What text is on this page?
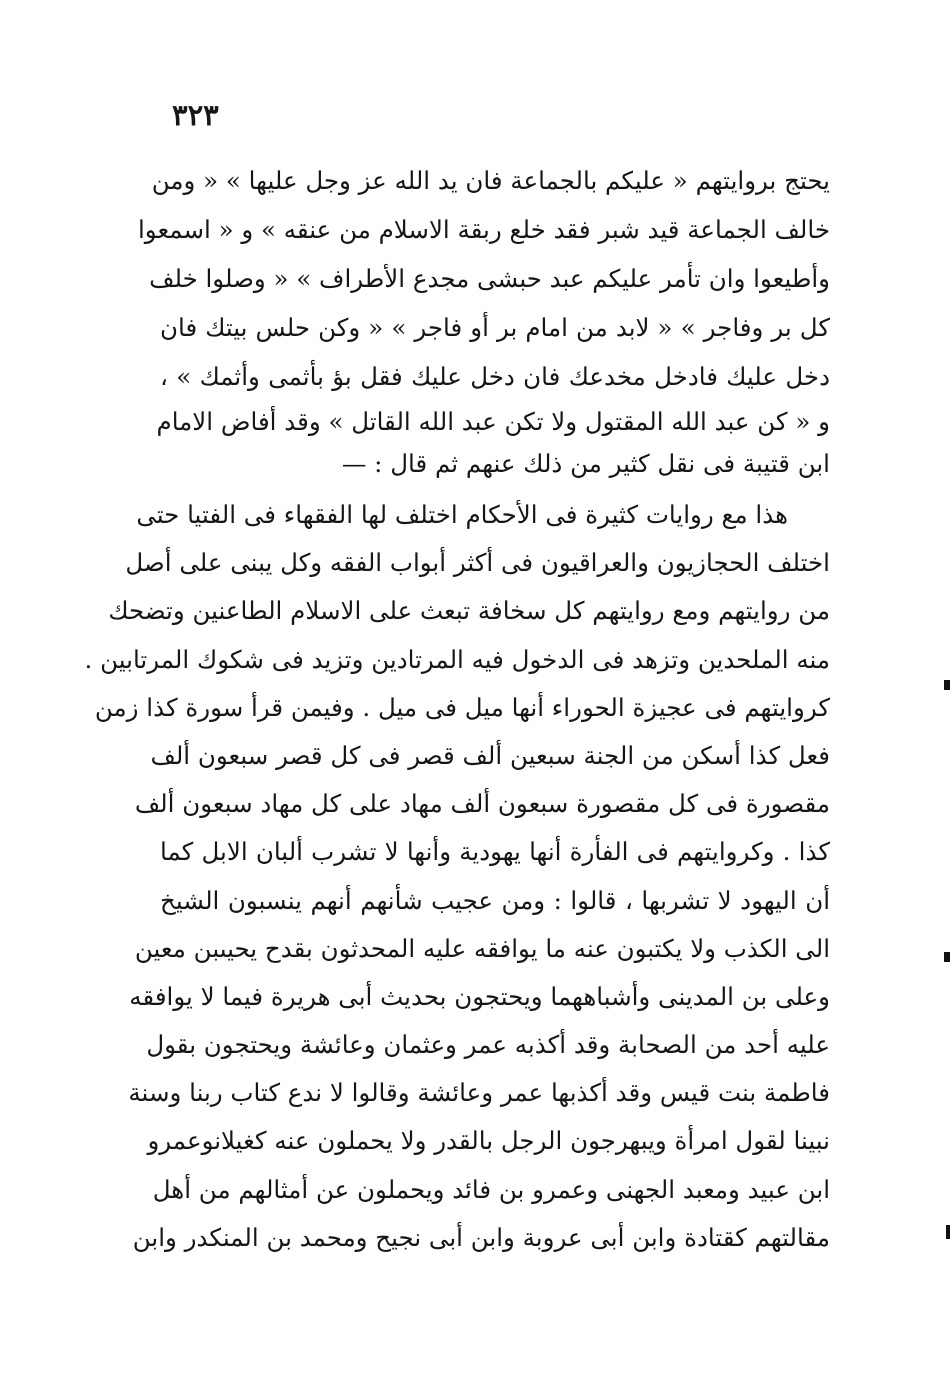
٣٢٣
يحتج بروايتهم « عليكم بالجماعة فان يد الله عز وجل عليها » « ومن
خالف الجماعة قيد شبر فقد خلع ربقة الاسلام من عنقه » و « اسمعوا
وأطيعوا وان تأمر عليكم عبد حبشى مجدع الأطراف » « وصلوا خلف
كل بر وفاجر » « لابد من امام بر أو فاجر » « وكن حلس بيتك فان
دخل عليك فادخل مخدعك فان دخل عليك فقل بؤ بأثمى وأثمك » ،
و « كن عبد الله المقتول ولا تكن عبد الله القاتل » وقد أفاض الامام
ابن قتيبة فى نقل كثير من ذلك عنهم ثم قال : —
هذا مع روايات كثيرة فى الأحكام اختلف لها الفقهاء فى الفتيا حتى
اختلف الحجازيون والعراقيون فى أكثر أبواب الفقه وكل يبنى على أصل
من روايتهم ومع روايتهم كل سخافة تبعث على الاسلام الطاعنين وتضحك
منه الملحدين وتزهد فى الدخول فيه المرتادين وتزيد فى شكوك المرتابين .
كروايتهم فى عجيزة الحوراء أنها ميل فى ميل . وفيمن قرأ سورة كذا زمن
فعل كذا أسكن من الجنة سبعين ألف قصر فى كل قصر سبعون ألف
مقصورة فى كل مقصورة سبعون ألف مهاد على كل مهاد سبعون ألف
كذا . وكروايتهم فى الفأرة أنها يهودية وأنها لا تشرب ألبان الابل كما
أن اليهود لا تشربها ، قالوا : ومن عجيب شأنهم أنهم ينسبون الشيخ
الى الكذب ولا يكتبون عنه ما يوافقه عليه المحدثون بقدح يحيىبن معين
وعلى بن المدينى وأشباههما ويحتجون بحديث أبى هريرة فيما لا يوافقه
عليه أحد من الصحابة وقد أكذبه عمر وعثمان وعائشة ويحتجون بقول
فاطمة بنت قيس وقد أكذبها عمر وعائشة وقالوا لا ندع كتاب ربنا وسنة
نبينا لقول امرأة ويبهرجون الرجل بالقدر ولا يحملون عنه كغيلانوعمرو
ابن عبيد ومعبد الجهنى وعمرو بن فائد ويحملون عن أمثالهم من أهل
مقالتهم كقتادة وابن أبى عروبة وابن أبى نجيح ومحمد بن المنكدر وابن
